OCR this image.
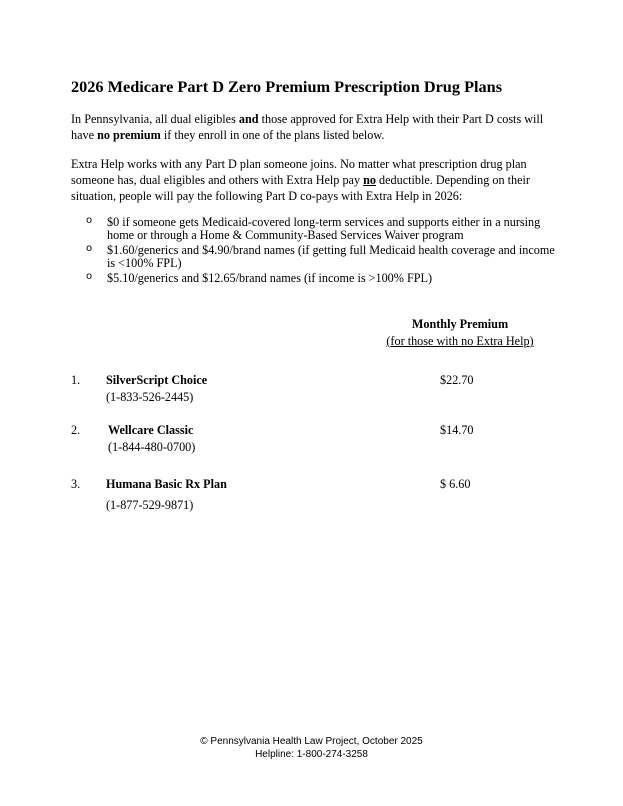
2026 Medicare Part D Zero Premium Prescription Drug Plans

In Pennsylvania, all dual eligibles and those approved for Extra Help with their Part D costs will have no premium if they enroll in one of the plans listed below.

Extra Help works with any Part D plan someone joins. No matter what prescription drug plan someone has, dual eligibles and others with Extra Help pay no deductible. Depending on their situation, people will pay the following Part D co-pays with Extra Help in 2026:

o $0 if someone gets Medicaid-covered long-term services and supports either in a nursing home or through a Home & Community-Based Services Waiver program
o $1.60/generics and $4.90/brand names (if getting full Medicaid health coverage and income is <100% FPL)
o $5.10/generics and $12.65/brand names (if income is >100% FPL)
Monthly Premium
(for those with no Extra Help)
1. SilverScript Choice
(1-833-526-2445)
$22.70
2. Wellcare Classic
(1-844-480-0700)
$14.70
3. Humana Basic Rx Plan
(1-877-529-9871)
$ 6.60
© Pennsylvania Health Law Project, October 2025
Helpline: 1-800-274-3258
